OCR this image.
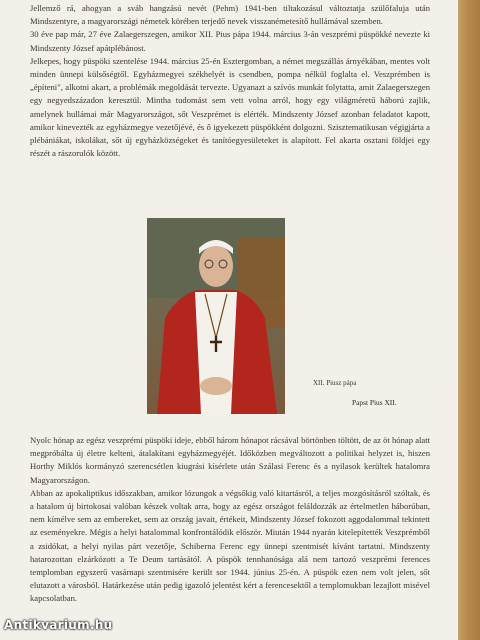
Jellemző rá, ahogyan a sváb hangzású nevét (Pehm) 1941-ben tiltakozásul változtatja szülőfaluja után Mindszentyre, a magyarországi németek körében terjedő nevek visszanémetesítő hullámával szemben.

30 éve pap már, 27 éve Zalaegerszegen, amikor XII. Pius pápa 1944. március 3-án veszprémi püspökké nevezte ki Mindszenty József apátplébánost.

Jelkepes, hogy püspöki szentelése 1944. március 25-én Esztergomban, a német megszállás árnyékában, mentes volt minden ünnepi külsőségtől. Egyházmegyei székhelyét is csendben, pompa nélkül foglalta el. Veszprémben is „építeni", alkotni akart, a problémák megoldását tervezte. Ugyanazt a szívós munkát folytatta, amit Zalaegerszegen egy negyedszázadon keresztül. Mintha tudomást sem vett volna arról, hogy egy világméretű háború zajlik, amelynek hullámai már Magyarországot, sőt Veszprémet is elérték. Mindszenty József azonban feladatot kapott, amikor kinevezték az egyházmegye vezetőjévé, és ő igyekezett püspökként dolgozni. Szisztematikusan végigjárta a plébániákat, iskolákat, sőt új egyházközségeket és tanítóegyesületeket is alapított. Fel akarta osztani földjei egy részét a rászorulók között.

XII. Piusz pápa
Papst Pius XII.

Nyolc hónap az egész veszprémi püspöki ideje, ebből három hónapot rácsával börtönben töltött, de az öt hónap alatt megpróbálta új életre kelteni, átalakítani egyházmegyéjét. Időközben megváltozott a politikai helyzet is, hiszen Horthy Miklós kormányzó szerencsétlen kiugrási kísérlete után Szálasi Ferenc és a nyilasok kerültek hatalomra Magyarországon.

Abban az apokaliptikus időszakban, amikor lózungok a végsőkig való kitartásról, a teljes mozgósításról szóltak, és a hatalom új birtokosai valóban készek voltak arra, hogy az egész országot feláldozzák az értelmetlen háborúban, nem kímélve sem az embereket, sem az ország javait, értékeit, Mindszenty József fokozott aggodalommal tekintett az eseményekre. Mégis a helyi hatalommal konfrontálódik először. Miután 1944 nyarán kitelepítették Veszprémből a zsidókat, a helyi nyilas párt vezetője, Schiberna Ferenc egy ünnepi szentmisét kívánt tartatni. Mindszenty hatarozottan elzárkózott a Te Deum tartásától. A püspök tennhanósága alá nem tartozó veszprémi ferences templomban egyszerű vasárnapi szentmisére került sor 1944. június 25-én. A püspök ezen nem volt jelen, sőt elutazott a városból. Határkezése után pedig igazoló jelentést kért a ferencesektől a templomukban lezajlott misével kapcsolatban.

Antikvarium.hu
